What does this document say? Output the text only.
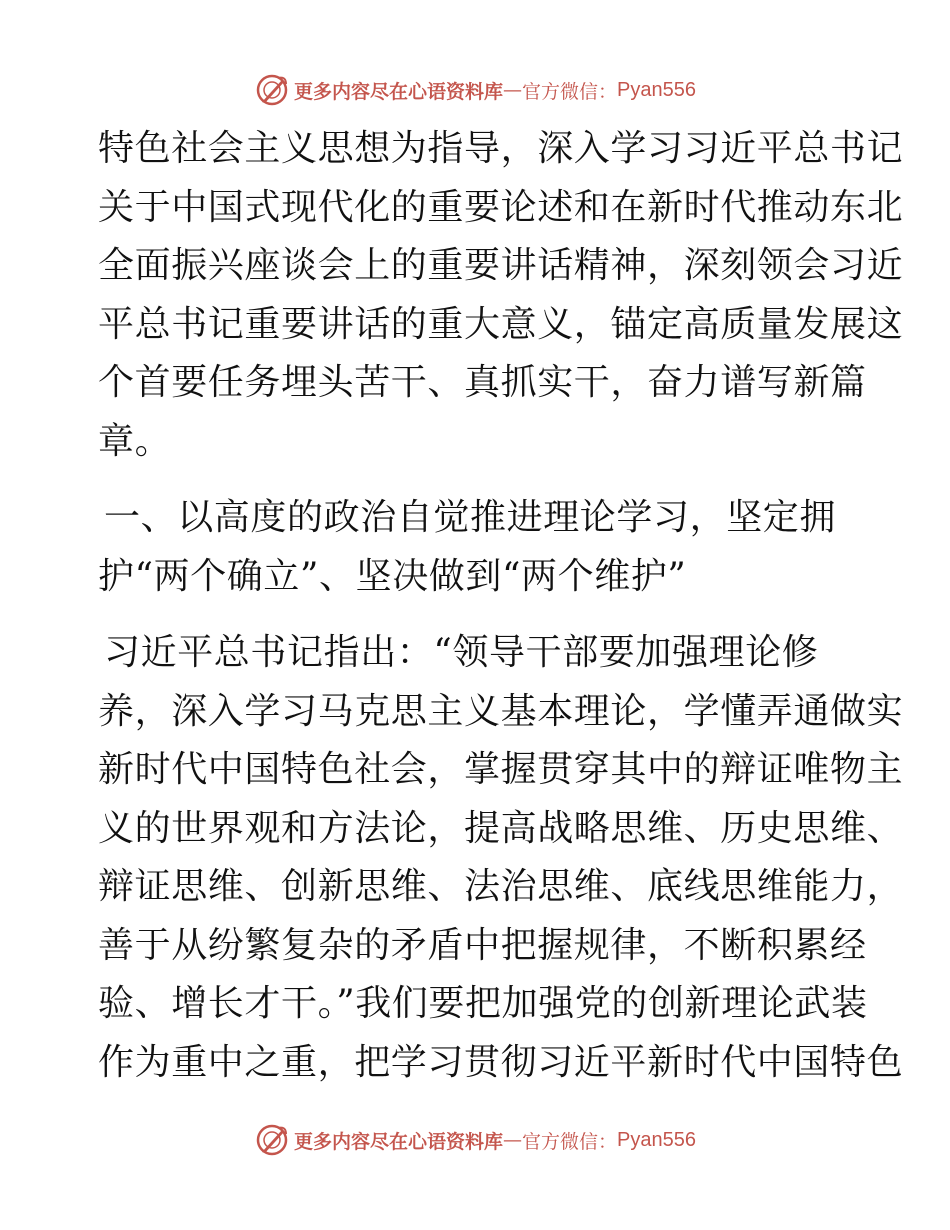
更多内容尽在心语资料库 — 官方微信： Pyan556
特色社会主义思想为指导，深入学习习近平总书记
关于中国式现代化的重要论述和在新时代推动东北
全面振兴座谈会上的重要讲话精神，深刻领会习近
平总书记重要讲话的重大意义，锚定高质量发展这
个首要任务埋头苦干、真抓实干，奋力谱写新篇
章。
一、以高度的政治自觉推进理论学习，坚定拥
护“两个确立”、坚决做到“两个维护”
习近平总书记指出：“领导干部要加强理论修
养，深入学习马克思主义基本理论，学懂弄通做实
新时代中国特色社会，掌握贯穿其中的辩证唯物主
义的世界观和方法论，提高战略思维、历史思维、
辩证思维、创新思维、法治思维、底线思维能力，
善于从纷繁复杂的矛盾中把握规律，不断积累经
验、增长才干。”我们要把加强党的创新理论武装
作为重中之重，把学习贯彻习近平新时代中国特色
更多内容尽在心语资料库 — 官方微信： Pyan556
